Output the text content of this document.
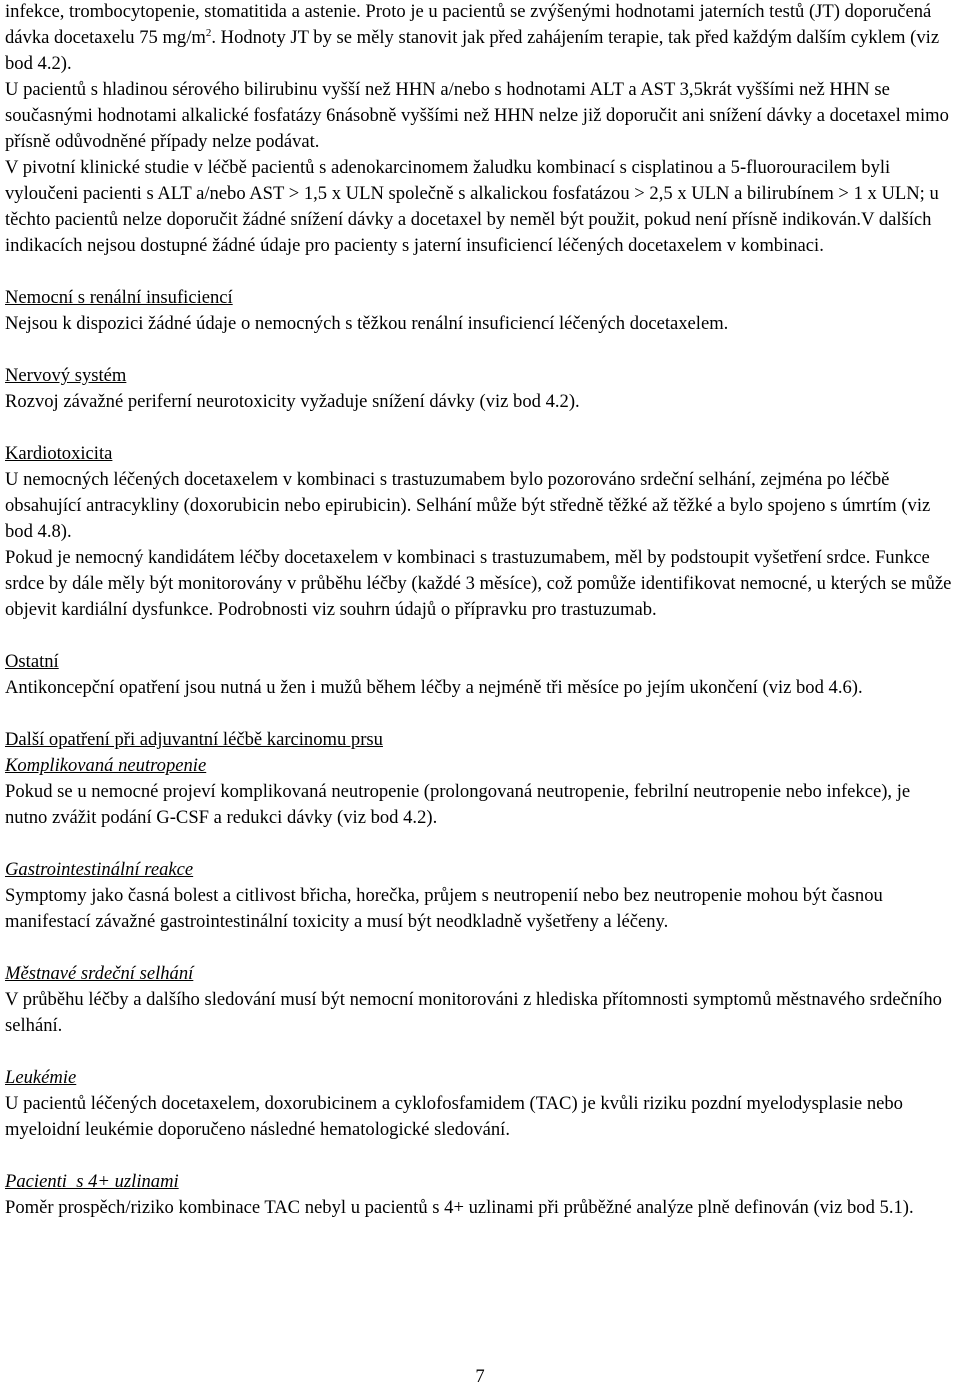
infekce, trombocytopenie, stomatitida a astenie. Proto je u pacientů se zvýšenými hodnotami jaterních testů (JT) doporučená dávka docetaxelu 75 $mg/m^2$. Hodnoty JT by se měly stanovit jak před zahájením terapie, tak před každým dalším cyklem (viz bod 4.2).

U pacientů s hladinou sérového bilirubinu vyšší než HHN a/nebo s hodnotami ALT a AST 3,5krát vyššími než HHN se současnými hodnotami alkalické fosfatázy 6násobně vyššími než HHN nelze již doporučit ani snížení dávky a docetaxel mimo přísně odůvodněné případy nelze podávat.

V pivotní klinické studie v léčbě pacientů s adenokarcinomem žaludku kombinací s cisplatinou a 5-fluorouracilem byli vyloučeni pacienti s ALT a/nebo AST > 1,5 x ULN společně s alkalickou fosfatázou > 2,5 x ULN a bilirubínem > 1 x ULN; u těchto pacientů nelze doporučit žádné snížení dávky a docetaxel by neměl být použit, pokud není přísně indikován.V dalších indikacích nejsou dostupné žádné údaje pro pacienty s jaterní insuficiencí léčených docetaxelem v kombinaci.

Nemocní s renální insuficiencí

Nejsou k dispozici žádné údaje o nemocných s těžkou renální insuficiencí léčených docetaxelem.

Nervový systém

Rozvoj závažné periferní neurotoxicity vyžaduje snížení dávky (viz bod 4.2).

Kardiotoxicita

U nemocných léčených docetaxelem v kombinaci s trastuzumabem bylo pozorováno srdeční selhání, zejména po léčbě obsahující antracykliny (doxorubicin nebo epirubicin). Selhání může být středně těžké až těžké a bylo spojeno s úmrtím (viz bod 4.8).

Pokud je nemocný kandidátem léčby docetaxelem v kombinaci s trastuzumabem, měl by podstoupit vyšetření srdce. Funkce srdce by dále měly být monitorovány v průběhu léčby (každé 3 měsíce), což pomůže identifikovat nemocné, u kterých se může objevit kardiální dysfunkce. Podrobnosti viz souhrn údajů o přípravku pro trastuzumab.

Ostatní

Antikoncepční opatření jsou nutná u žen i mužů během léčby a nejméně tři měsíce po jejím ukončení (viz bod 4.6).

Další opatření při adjuvantní léčbě karcinomu prsu

Komplikovaná neutropenie

Pokud se u nemocné projeví komplikovaná neutropenie (prolongovaná neutropenie, febrilní neutropenie nebo infekce), je nutno zvážit podání G-CSF a redukci dávky (viz bod 4.2).

Gastrointestinální reakce

Symptomy jako časná bolest a citlivost břicha, horečka, průjem s neutropenií nebo bez neutropenie mohou být časnou manifestací závažné gastrointestinální toxicity a musí být neodkladně vyšetřeny a léčeny.

Městnavé srdeční selhání

V průběhu léčby a dalšího sledování musí být nemocní monitorováni z hlediska přítomnosti symptomů městnavého srdečního selhání.

Leukémie

U pacientů léčených docetaxelem, doxorubicinem a cyklofosfamidem (TAC) je kvůli riziku pozdní myelodysplasie nebo myeloidní leukémie doporučeno následné hematologické sledování.

Pacienti  s 4+ uzlinami

Poměr prospěch/riziko kombinace TAC nebyl u pacientů s 4+ uzlinami při průběžné analýze plně definován (viz bod 5.1).

7
